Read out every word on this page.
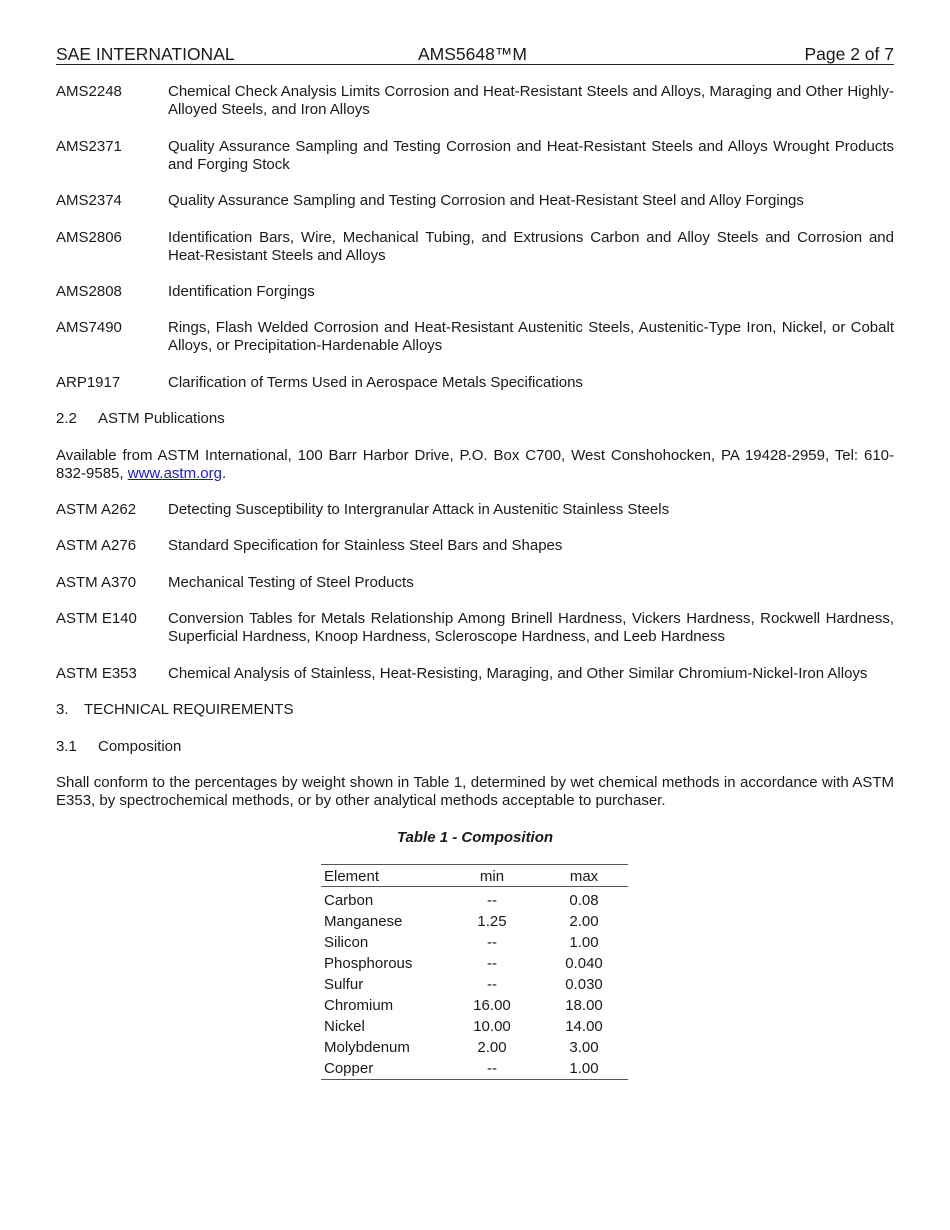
SAE INTERNATIONAL	AMS5648™M	Page 2 of 7
AMS2248	Chemical Check Analysis Limits Corrosion and Heat-Resistant Steels and Alloys, Maraging and Other Highly-Alloyed Steels, and Iron Alloys
AMS2371	Quality Assurance Sampling and Testing Corrosion and Heat-Resistant Steels and Alloys Wrought Products and Forging Stock
AMS2374	Quality Assurance Sampling and Testing Corrosion and Heat-Resistant Steel and Alloy Forgings
AMS2806	Identification Bars, Wire, Mechanical Tubing, and Extrusions Carbon and Alloy Steels and Corrosion and Heat-Resistant Steels and Alloys
AMS2808	Identification Forgings
AMS7490	Rings, Flash Welded Corrosion and Heat-Resistant Austenitic Steels, Austenitic-Type Iron, Nickel, or Cobalt Alloys, or Precipitation-Hardenable Alloys
ARP1917	Clarification of Terms Used in Aerospace Metals Specifications
2.2 ASTM Publications
Available from ASTM International, 100 Barr Harbor Drive, P.O. Box C700, West Conshohocken, PA 19428-2959, Tel: 610-832-9585, www.astm.org.
ASTM A262	Detecting Susceptibility to Intergranular Attack in Austenitic Stainless Steels
ASTM A276	Standard Specification for Stainless Steel Bars and Shapes
ASTM A370	Mechanical Testing of Steel Products
ASTM E140	Conversion Tables for Metals Relationship Among Brinell Hardness, Vickers Hardness, Rockwell Hardness, Superficial Hardness, Knoop Hardness, Scleroscope Hardness, and Leeb Hardness
ASTM E353	Chemical Analysis of Stainless, Heat-Resisting, Maraging, and Other Similar Chromium-Nickel-Iron Alloys
3. TECHNICAL REQUIREMENTS
3.1 Composition
Shall conform to the percentages by weight shown in Table 1, determined by wet chemical methods in accordance with ASTM E353, by spectrochemical methods, or by other analytical methods acceptable to purchaser.
Table 1 - Composition
Element	min	max
Carbon	--	0.08
Manganese	1.25	2.00
Silicon	--	1.00
Phosphorous	--	0.040
Sulfur	--	0.030
Chromium	16.00	18.00
Nickel	10.00	14.00
Molybdenum	2.00	3.00
Copper	--	1.00
